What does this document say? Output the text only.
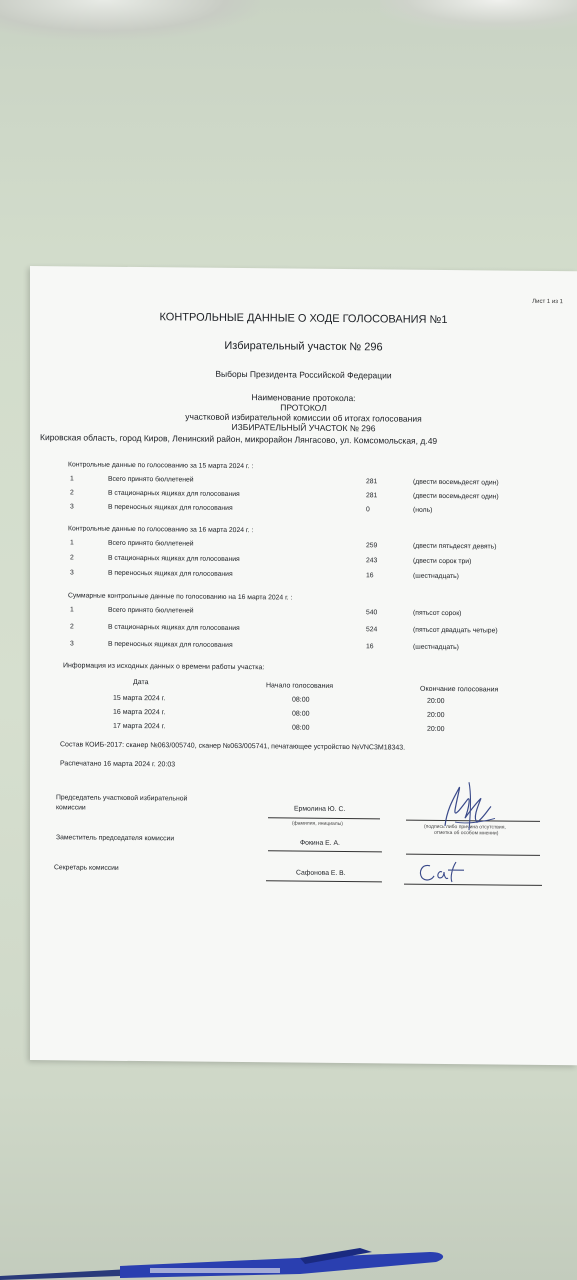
Лист 1 из 1
КОНТРОЛЬНЫЕ ДАННЫЕ О ХОДЕ ГОЛОСОВАНИЯ №1
Избирательный участок № 296
Выборы Президента Российской Федерации
Наименование протокола:
ПРОТОКОЛ
участковой избирательной комиссии об итогах голосования
ИЗБИРАТЕЛЬНЫЙ УЧАСТОК № 296
Кировская область, город Киров, Ленинский район, микрорайон Лянгасово, ул. Комсомольская, д.49
Контрольные данные по голосованию за 15 марта 2024 г. :
1	Всего принято бюллетеней	281	(двести восемьдесят один)
2	В стационарных ящиках для голосования	281	(двести восемьдесят один)
3	В переносных ящиках для голосования	0	(ноль)
Контрольные данные по голосованию за 16 марта 2024 г. :
1	Всего принято бюллетеней	259	(двести пятьдесят девять)
2	В стационарных ящиках для голосования	243	(двести сорок три)
3	В переносных ящиках для голосования	16	(шестнадцать)
Суммарные контрольные данные по голосованию на 16 марта 2024 г. :
1	Всего принято бюллетеней	540	(пятьсот сорок)
2	В стационарных ящиках для голосования	524	(пятьсот двадцать четыре)
3	В переносных ящиках для голосования	16	(шестнадцать)
Информация из исходных данных о времени работы участка:
Дата	Начало голосования	Окончание голосования
15 марта 2024 г.	08:00	20:00
16 марта 2024 г.	08:00	20:00
17 марта 2024 г.	08:00	20:00
Состав КОИБ-2017: сканер №063/005740, сканер №063/005741, печатающее устройство №VNC3M18343.
Распечатано 16 марта 2024 г. 20:03
Председатель участковой избирательной
комиссии	Ермолина Ю. С.
(фамилия, инициалы)
(подпись либо причина отсутствия,
отметка об особом мнении)
Заместитель председателя комиссии
Фокина Е. А.
Секретарь комиссии
Сафонова Е. В.
